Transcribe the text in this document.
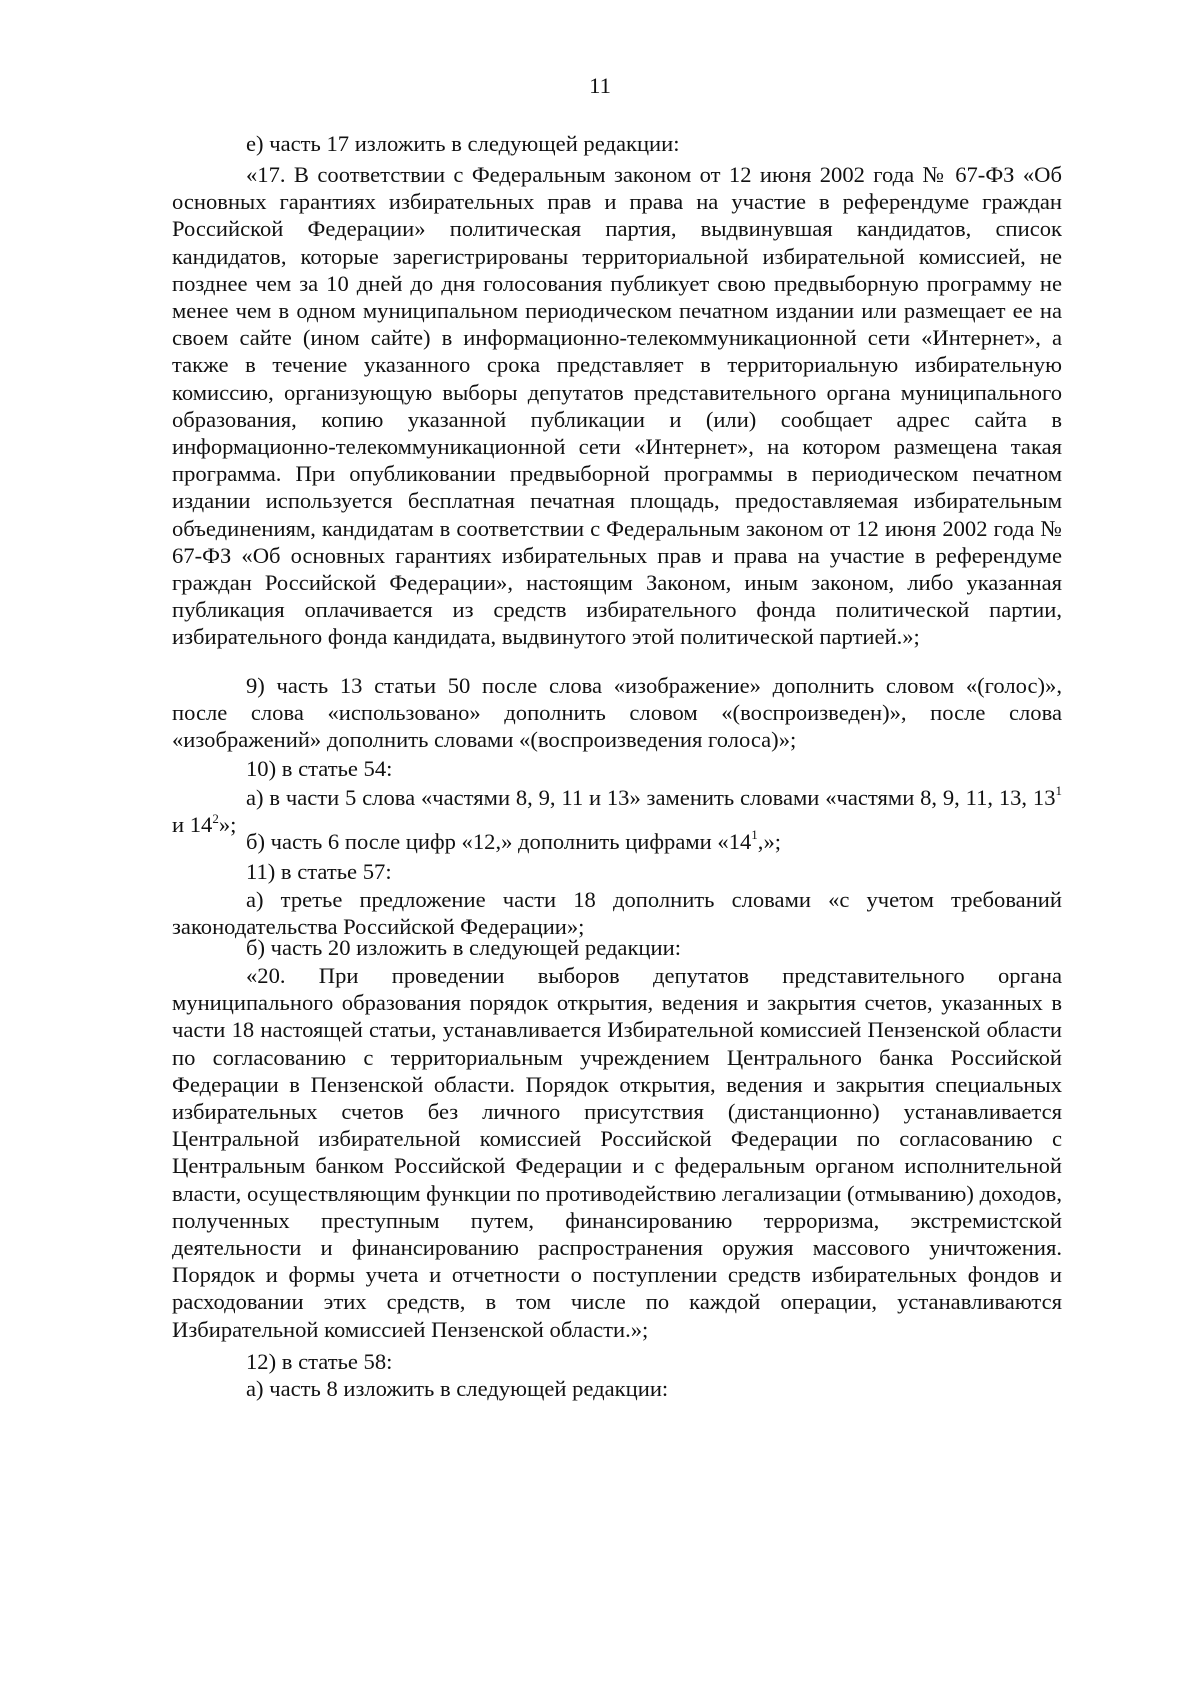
11

е) часть 17 изложить в следующей редакции:

«17. В соответствии с Федеральным законом от 12 июня 2002 года № 67-ФЗ «Об основных гарантиях избирательных прав и права на участие в референдуме граждан Российской Федерации» политическая партия, выдвинувшая кандидатов, список кандидатов, которые зарегистрированы территориальной избирательной комиссией, не позднее чем за 10 дней до дня голосования публикует свою предвыборную программу не менее чем в одном муниципальном периодическом печатном издании или размещает ее на своем сайте (ином сайте) в информационно-телекоммуникационной сети «Интернет», а также в течение указанного срока представляет в территориальную избирательную комиссию, организующую выборы депутатов представительного органа муниципального образования, копию указанной публикации и (или) сообщает адрес сайта в информационно-телекоммуникационной сети «Интернет», на котором размещена такая программа. При опубликовании предвыборной программы в периодическом печатном издании используется бесплатная печатная площадь, предоставляемая избирательным объединениям, кандидатам в соответствии с Федеральным законом от 12 июня 2002 года № 67-ФЗ «Об основных гарантиях избирательных прав и права на участие в референдуме граждан Российской Федерации», настоящим Законом, иным законом, либо указанная публикация оплачивается из средств избирательного фонда политической партии, избирательного фонда кандидата, выдвинутого этой политической партией.»;

9) часть 13 статьи 50 после слова «изображение» дополнить словом «(голос)», после слова «использовано» дополнить словом «(воспроизведен)», после слова «изображений» дополнить словами «(воспроизведения голоса)»;

10) в статье 54:

а) в части 5 слова «частями 8, 9, 11 и 13» заменить словами «частями 8, 9, 11, 13, $13^1$ и $14^2$»;

б) часть 6 после цифр «12,» дополнить цифрами «$14^1$,»;

11) в статье 57:

а) третье предложение части 18 дополнить словами «с учетом требований законодательства Российской Федерации»;

б) часть 20 изложить в следующей редакции:

«20. При проведении выборов депутатов представительного органа муниципального образования порядок открытия, ведения и закрытия счетов, указанных в части 18 настоящей статьи, устанавливается Избирательной комиссией Пензенской области по согласованию с территориальным учреждением Центрального банка Российской Федерации в Пензенской области. Порядок открытия, ведения и закрытия специальных избирательных счетов без личного присутствия (дистанционно) устанавливается Центральной избирательной комиссией Российской Федерации по согласованию с Центральным банком Российской Федерации и с федеральным органом исполнительной власти, осуществляющим функции по противодействию легализации (отмыванию) доходов, полученных преступным путем, финансированию терроризма, экстремистской деятельности и финансированию распространения оружия массового уничтожения. Порядок и формы учета и отчетности о поступлении средств избирательных фондов и расходовании этих средств, в том числе по каждой операции, устанавливаются Избирательной комиссией Пензенской области.»;

12) в статье 58:

а) часть 8 изложить в следующей редакции:
